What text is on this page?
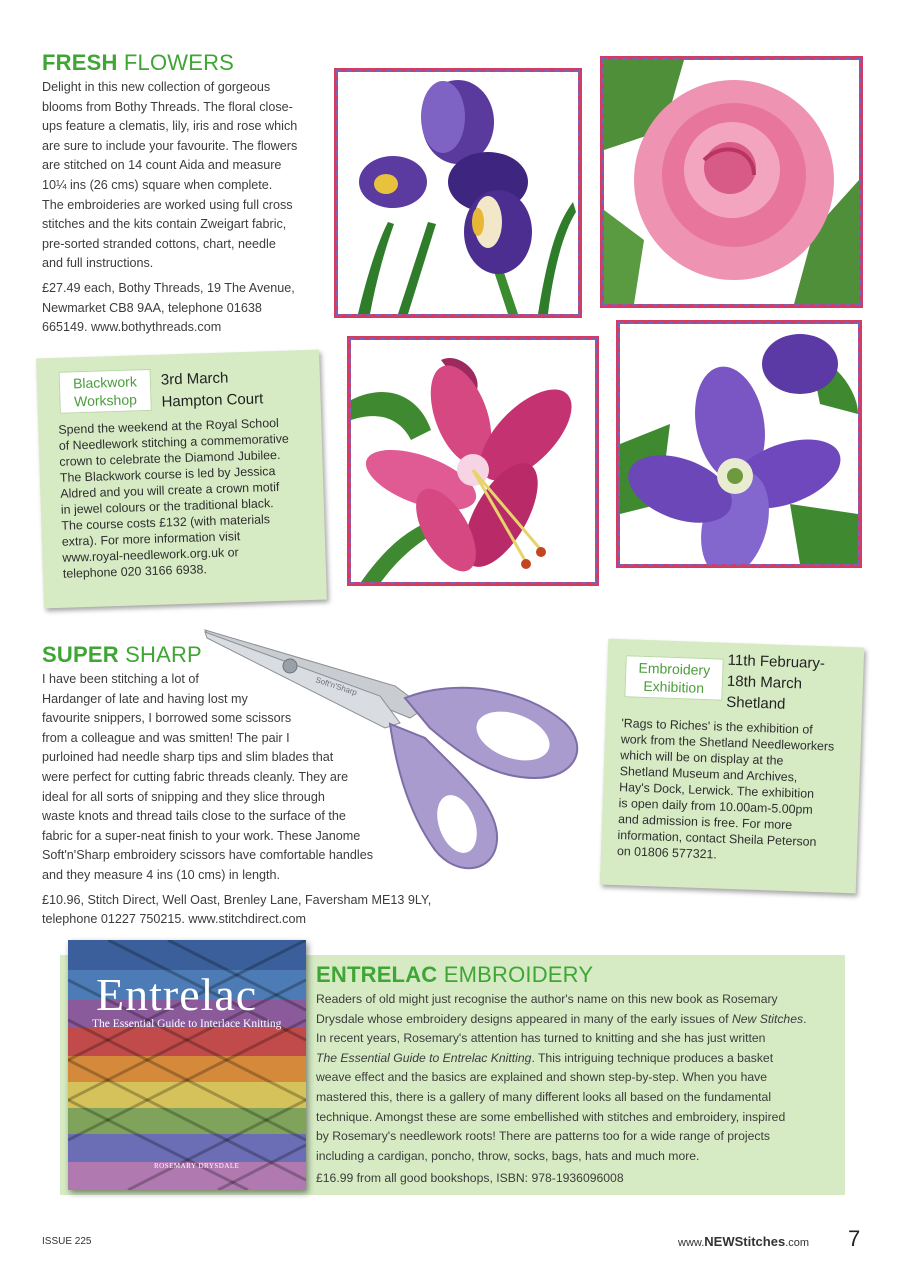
FRESH FLOWERS

Delight in this new collection of gorgeous

blooms from Bothy Threads. The floral close-

ups feature a clematis, lily, iris and rose which

are sure to include your favourite. The flowers

are stitched on 14 count Aida and measure

10¼ ins (26 cms) square when complete.

The embroideries are worked using full cross

stitches and the kits contain Zweigart fabric,

pre-sorted stranded cottons, chart, needle

and full instructions.

£27.49 each, Bothy Threads, 19 The Avenue,

Newmarket CB8 9AA, telephone 01638

665149. www.bothythreads.com

Blackwork
Workshop
3rd March
Hampton Court
Spend the weekend at the Royal School
of Needlework stitching a commemorative
crown to celebrate the Diamond Jubilee.
The Blackwork course is led by Jessica
Aldred and you will create a crown motif
in jewel colours or the traditional black.
The course costs £132 (with materials
extra). For more information visit
www.royal-needlework.org.uk or
telephone 020 3166 6938.
SUPER SHARP

I have been stitching a lot of

Hardanger of late and having lost my

favourite snippers, I borrowed some scissors

from a colleague and was smitten! The pair I

purloined had needle sharp tips and slim blades that

were perfect for cutting fabric threads cleanly. They are

ideal for all sorts of snipping and they slice through

waste knots and thread tails close to the surface of the

fabric for a super-neat finish to your work. These Janome

Soft'n'Sharp embroidery scissors have comfortable handles

and they measure 4 ins (10 cms) in length.

£10.96, Stitch Direct, Well Oast, Brenley Lane, Faversham ME13 9LY,

telephone 01227 750215. www.stitchdirect.com

Soft'n'Sharp
Embroidery
Exhibition
11th February-
18th March
Shetland
'Rags to Riches' is the exhibition of
work from the Shetland Needleworkers
which will be on display at the
Shetland Museum and Archives,
Hay's Dock, Lerwick. The exhibition
is open daily from 10.00am-5.00pm
and admission is free. For more
information, contact Sheila Peterson
on 01806 577321.
Entrelac
The Essential Guide to Interlace Knitting
ROSEMARY DRYSDALE
ENTRELAC EMBROIDERY

Readers of old might just recognise the author's name on this new book as Rosemary

Drysdale whose embroidery designs appeared in many of the early issues of New Stitches.

In recent years, Rosemary's attention has turned to knitting and she has just written

The Essential Guide to Entrelac Knitting. This intriguing technique produces a basket

weave effect and the basics are explained and shown step-by-step. When you have

mastered this, there is a gallery of many different looks all based on the fundamental

technique. Amongst these are some embellished with stitches and embroidery, inspired

by Rosemary's needlework roots! There are patterns too for a wide range of projects

including a cardigan, poncho, throw, socks, bags, hats and much more.

£16.99 from all good bookshops, ISBN: 978-1936096008

ISSUE 225	www.NEWStitches.com 7
